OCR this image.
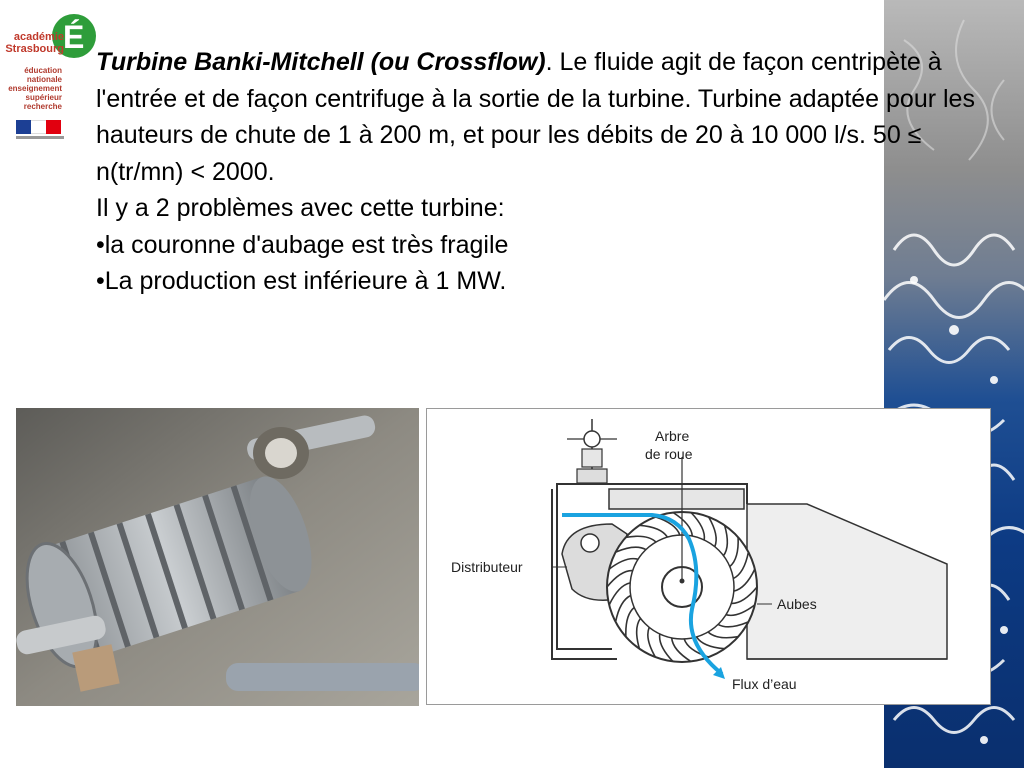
É
académie
Strasbourg
éducation
nationale
enseignement
supérieur
recherche

Turbine Banki-Mitchell (ou Crossflow). Le fluide agit de façon centripète à l'entrée et de façon centrifuge à la sortie de la turbine. Turbine adaptée pour les hauteurs de chute de 1 à 200 m, et pour les débits de 20 à 10 000 l/s. 50 ≤ n(tr/mn) < 2000.

Il y a 2 problèmes avec cette turbine:

•la couronne d'aubage est très fragile

•La production est inférieure à 1 MW.

Arbre
de roue
Distributeur
Aubes
Flux d’eau
